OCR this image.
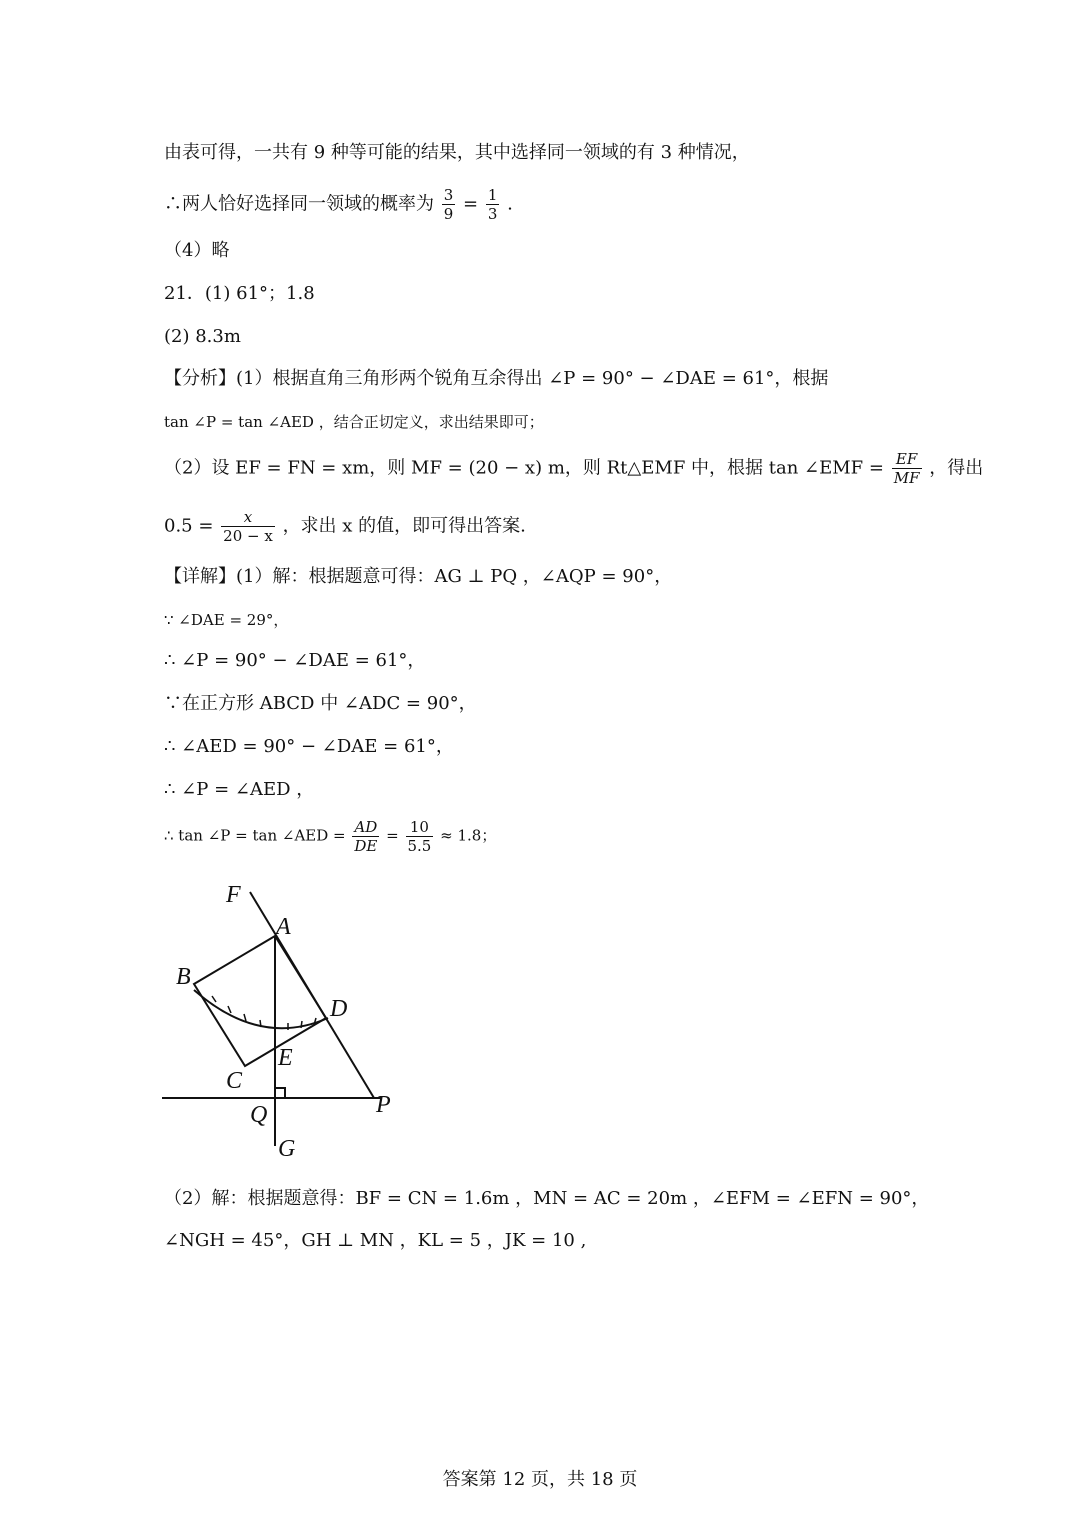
由表可得，一共有 9 种等可能的结果，其中选择同一领域的有 3 种情况，
∴两人恰好选择同一领域的概率为 $\frac{3}{9} = \frac{1}{3}$ .
（4）略
21．(1) 61°；1.8
(2) 8.3m
【分析】(1）根据直角三角形两个锐角互余得出 ∠P = 90° − ∠DAE = 61°，根据
tan ∠P = tan ∠AED ，结合正切定义，求出结果即可；
（2）设 EF = FN = xm，则 MF = (20 − x) m，则 Rt△EMF 中，根据 tan ∠EMF = $\frac{EF}{MF}$ ，得出
$0.5 = \frac{x}{20 - x}$ ，求出 x 的值，即可得出答案.
【详解】(1）解：根据题意可得：AG ⊥ PQ ，∠AQP = 90°，
∵ ∠DAE = 29°，
∴ ∠P = 90° − ∠DAE = 61°，
∵在正方形 ABCD 中 ∠ADC = 90°，
∴ ∠AED = 90° − ∠DAE = 61°，
∴ ∠P = ∠AED ，
∴ tan ∠P = tan ∠AED = $\frac{AD}{DE} = \frac{10}{5.5} \approx 1.8$；
F
A
B
D
E
C
Q	P
G
（2）解：根据题意得：BF = CN = 1.6m ，MN = AC = 20m ，∠EFM = ∠EFN = 90°，
∠NGH = 45°，GH ⊥ MN ，KL = 5 ，JK = 10 ,
答案第 12 页，共 18 页
